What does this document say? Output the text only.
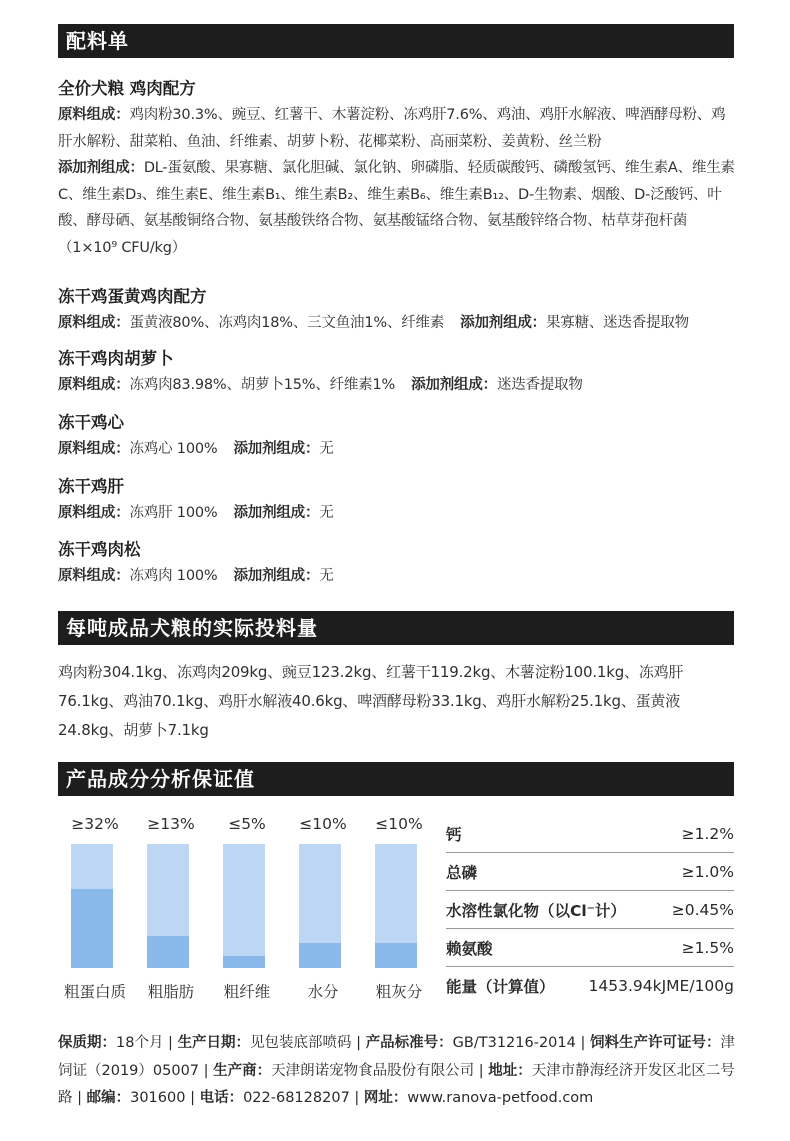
配料单

全价犬粮 鸡肉配方

原料组成：鸡肉粉30.3%、豌豆、红薯干、木薯淀粉、冻鸡肝7.6%、鸡油、鸡肝水解液、啤酒酵母粉、鸡肝水解粉、甜菜粕、鱼油、纤维素、胡萝卜粉、花椰菜粉、高丽菜粉、姜黄粉、丝兰粉

添加剂组成：DL-蛋氨酸、果寡糖、氯化胆碱、氯化钠、卵磷脂、轻质碳酸钙、磷酸氢钙、维生素A、维生素C、维生素D₃、维生素E、维生素B₁、维生素B₂、维生素B₆、维生素B₁₂、D-生物素、烟酸、D-泛酸钙、叶酸、酵母硒、氨基酸铜络合物、氨基酸铁络合物、氨基酸锰络合物、氨基酸锌络合物、枯草芽孢杆菌（1×10⁹ CFU/kg）

冻干鸡蛋黄鸡肉配方

原料组成：蛋黄液80%、冻鸡肉18%、三文鱼油1%、纤维素 添加剂组成：果寡糖、迷迭香提取物

冻干鸡肉胡萝卜

原料组成：冻鸡肉83.98%、胡萝卜15%、纤维素1% 添加剂组成：迷迭香提取物

冻干鸡心

原料组成：冻鸡心 100% 添加剂组成：无

冻干鸡肝

原料组成：冻鸡肝 100% 添加剂组成：无

冻干鸡肉松

原料组成：冻鸡肉 100% 添加剂组成：无

每吨成品犬粮的实际投料量

鸡肉粉304.1kg、冻鸡肉209kg、豌豆123.2kg、红薯干119.2kg、木薯淀粉100.1kg、冻鸡肝76.1kg、鸡油70.1kg、鸡肝水解液40.6kg、啤酒酵母粉33.1kg、鸡肝水解粉25.1kg、蛋黄液24.8kg、胡萝卜7.1kg

产品成分分析保证值
≥32%
粗蛋白质
≥13%
粗脂肪
≤5%
粗纤维
≤10%
水分
≤10%
粗灰分
钙	≥1.2%
总磷	≥1.0%
水溶性氯化物（以Cl⁻计）	≥0.45%
赖氨酸	≥1.5%
能量（计算值） 1453.94kJME/100g

保质期：18个月 | 生产日期：见包装底部喷码 | 产品标准号：GB/T31216-2014 | 饲料生产许可证号：津饲证（2019）05007 | 生产商：天津朗诺宠物食品股份有限公司 | 地址：天津市静海经济开发区北区二号路 | 邮编：301600 | 电话：022-68128207 | 网址：www.ranova-petfood.com
